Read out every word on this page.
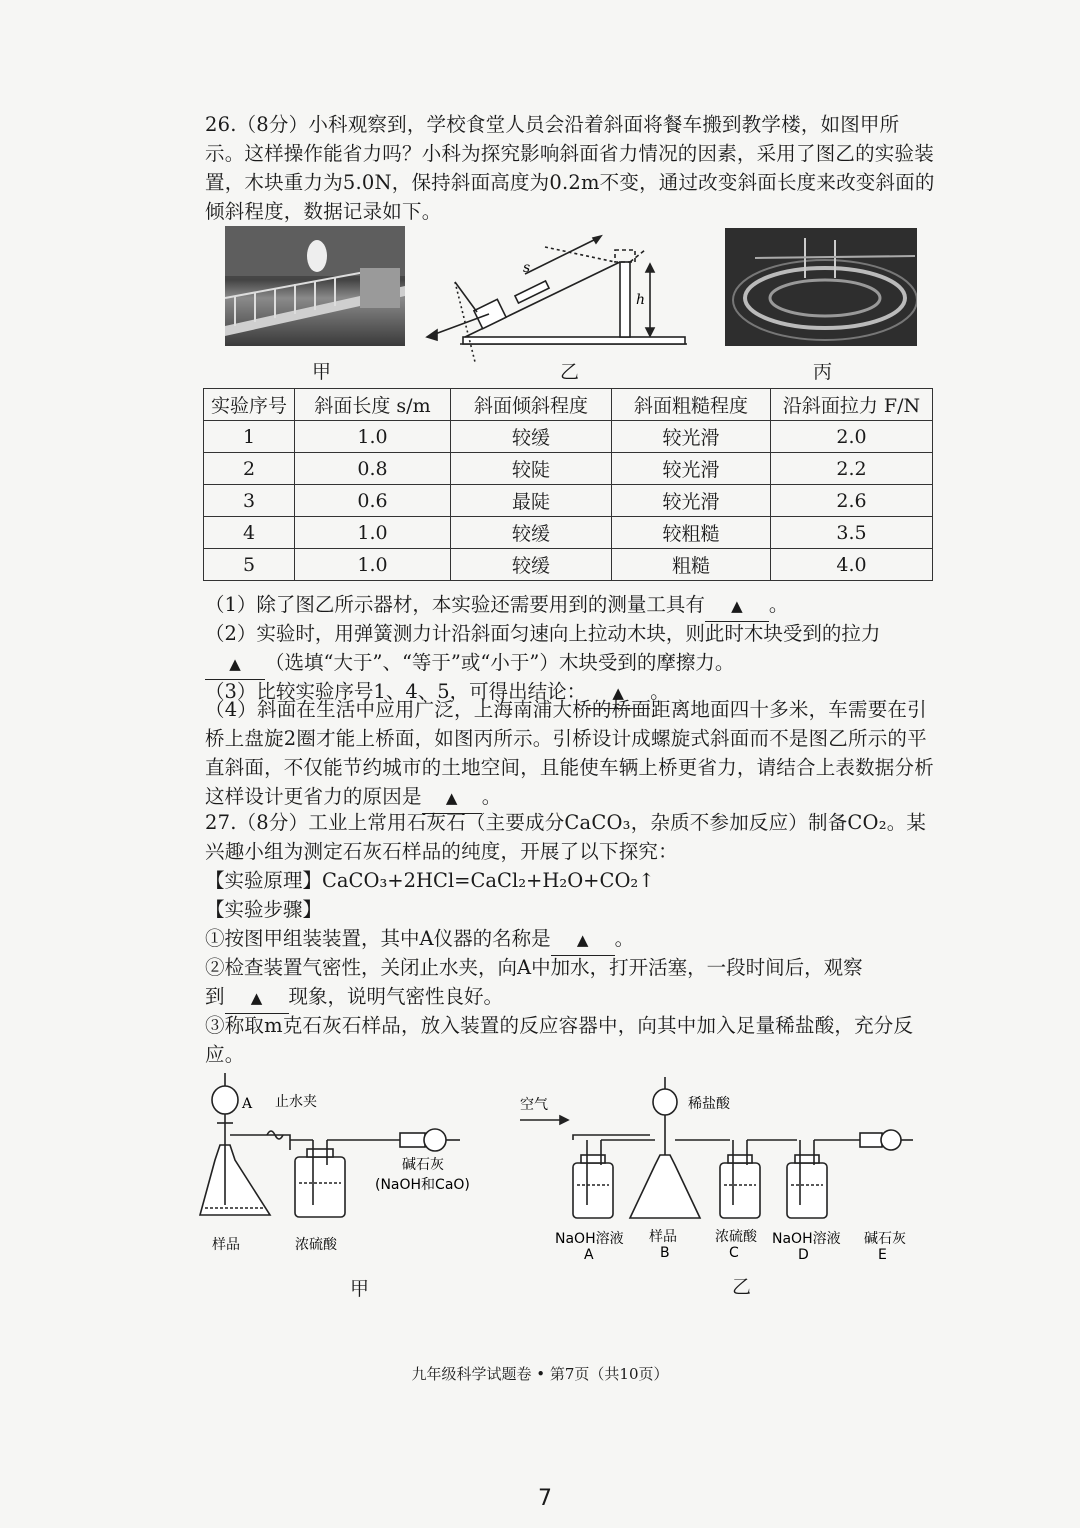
26.（8分）小科观察到，学校食堂人员会沿着斜面将餐车搬到教学楼，如图甲所示。这样操作能省力吗？小科为探究影响斜面省力情况的因素，采用了图乙的实验装置，木块重力为5.0N，保持斜面高度为0.2m不变，通过改变斜面长度来改变斜面的倾斜程度，数据记录如下。
甲
s
h
乙	丙
实验序号	斜面长度 s/m	斜面倾斜程度	斜面粗糙程度	沿斜面拉力 F/N
1	1.0	较缓	较光滑	2.0
2	0.8	较陡	较光滑	2.2
3	0.6	最陡	较光滑	2.6
4	1.0	较缓	较粗糙	3.5
5	1.0	较缓	粗糙	4.0
（1）除了图乙所示器材，本实验还需要用到的测量工具有 ▲ 。
（2）实验时，用弹簧测力计沿斜面匀速向上拉动木块，则此时木块受到的拉力
▲ （选填“大于”、“等于”或“小于”）木块受到的摩擦力。
（3）比较实验序号1、4、5，可得出结论： ▲ 。
（4）斜面在生活中应用广泛，上海南浦大桥的桥面距离地面四十多米，车需要在引桥上盘旋2圈才能上桥面，如图丙所示。引桥设计成螺旋式斜面而不是图乙所示的平直斜面，不仅能节约城市的土地空间，且能使车辆上桥更省力，请结合上表数据分析这样设计更省力的原因是 ▲ 。
27.（8分）工业上常用石灰石（主要成分CaCO₃，杂质不参加反应）制备CO₂。某兴趣小组为测定石灰石样品的纯度，开展了以下探究：
【实验原理】CaCO₃+2HCl=CaCl₂+H₂O+CO₂↑
【实验步骤】
①按图甲组装装置，其中A仪器的名称是 ▲ 。
②检查装置气密性，关闭止水夹，向A中加水，打开活塞，一段时间后，观察
到 ▲ 现象，说明气密性良好。
③称取m克石灰石样品，放入装置的反应容器中，向其中加入足量稀盐酸，充分反应。
A 止水夹
碱石灰
(NaOH和CaO)
样品	浓硫酸
甲
空气	稀盐酸
NaOH溶液 样品	浓硫酸 NaOH溶液 碱石灰
A	B	C	D	E
乙
九年级科学试题卷 • 第7页（共10页）
7
